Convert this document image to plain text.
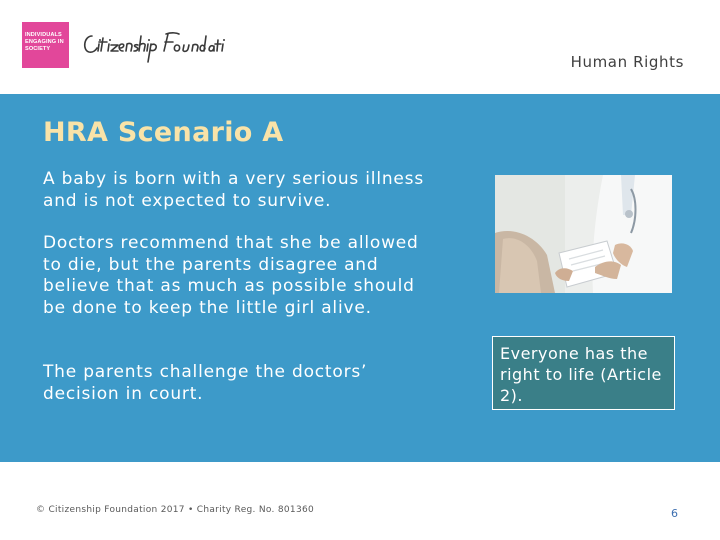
INDIVIDUALS
ENGAGING IN
SOCIETY
Citizenship Foundation	Human Rights
HRA Scenario A

A baby is born with a very serious illness and is not expected to survive.

Doctors recommend that she be allowed to die, but the parents disagree and believe that as much as possible should be done to keep the little girl alive.

The parents challenge the doctors’ decision in court.

Everyone has the right to life (Article 2).
© Citizenship Foundation 2017 • Charity Reg. No. 801360	6
